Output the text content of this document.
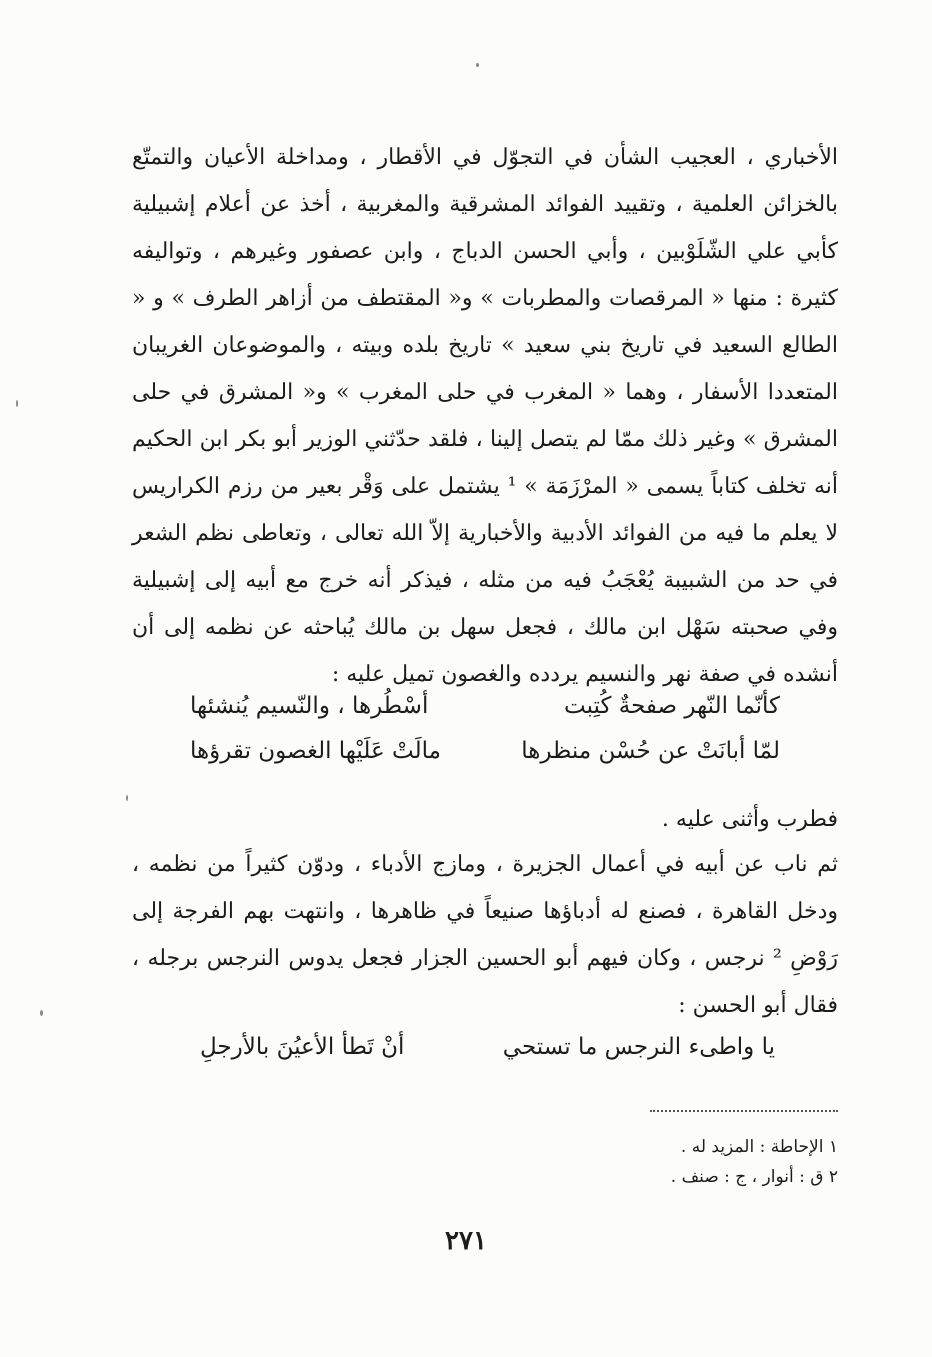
الأخباري ، العجيب الشأن في التجوّل في الأقطار ، ومداخلة الأعيان والتمتّع بالخزائن العلمية ، وتقييد الفوائد المشرقية والمغربية ، أخذ عن أعلام إشبيلية كأبي علي الشّلَوْبين ، وأبي الحسن الدباج ، وابن عصفور وغيرهم ، وتواليفه كثيرة : منها « المرقصات والمطربات » و« المقتطف من أزاهر الطرف » و « الطالع السعيد في تاريخ بني سعيد » تاريخ بلده وبيته ، والموضوعان الغريبان المتعددا الأسفار ، وهما « المغرب في حلى المغرب » و« المشرق في حلى المشرق » وغير ذلك ممّا لم يتصل إلينا ، فلقد حدّثني الوزير أبو بكر ابن الحكيم أنه تخلف كتاباً يسمى « المرْزَمَة » ¹ يشتمل على وَقْر بعير من رزم الكراريس لا يعلم ما فيه من الفوائد الأدبية والأخبارية إلاّ الله تعالى ، وتعاطى نظم الشعر في حد من الشبيبة يُعْجَبُ فيه من مثله ، فيذكر أنه خرج مع أبيه إلى إشبيلية وفي صحبته سَهْل ابن مالك ، فجعل سهل بن مالك يُباحثه عن نظمه إلى أن أنشده في صفة نهر والنسيم يردده والغصون تميل عليه :

كأنّما النّهر صفحةٌ كُتِبت
أسْطُرها ، والنّسيم يُنشئها
لمّا أبانَتْ عن حُسْن منظرها
مالَتْ عَلَيْها الغصون تقرؤها

فطرب وأثنى عليه .

ثم ناب عن أبيه في أعمال الجزيرة ، ومازج الأدباء ، ودوّن كثيراً من نظمه ، ودخل القاهرة ، فصنع له أدباؤها صنيعاً في ظاهرها ، وانتهت بهم الفرجة إلى رَوْضِ ² نرجس ، وكان فيهم أبو الحسين الجزار فجعل يدوس النرجس برجله ، فقال أبو الحسن :

يا واطىء النرجس ما تستحي
أنْ تَطأ الأعيُنَ بالأرجلِ
١ الإحاطة : المزيد له .
٢ ق : أنوار ، ج : صنف .
٢٧١
